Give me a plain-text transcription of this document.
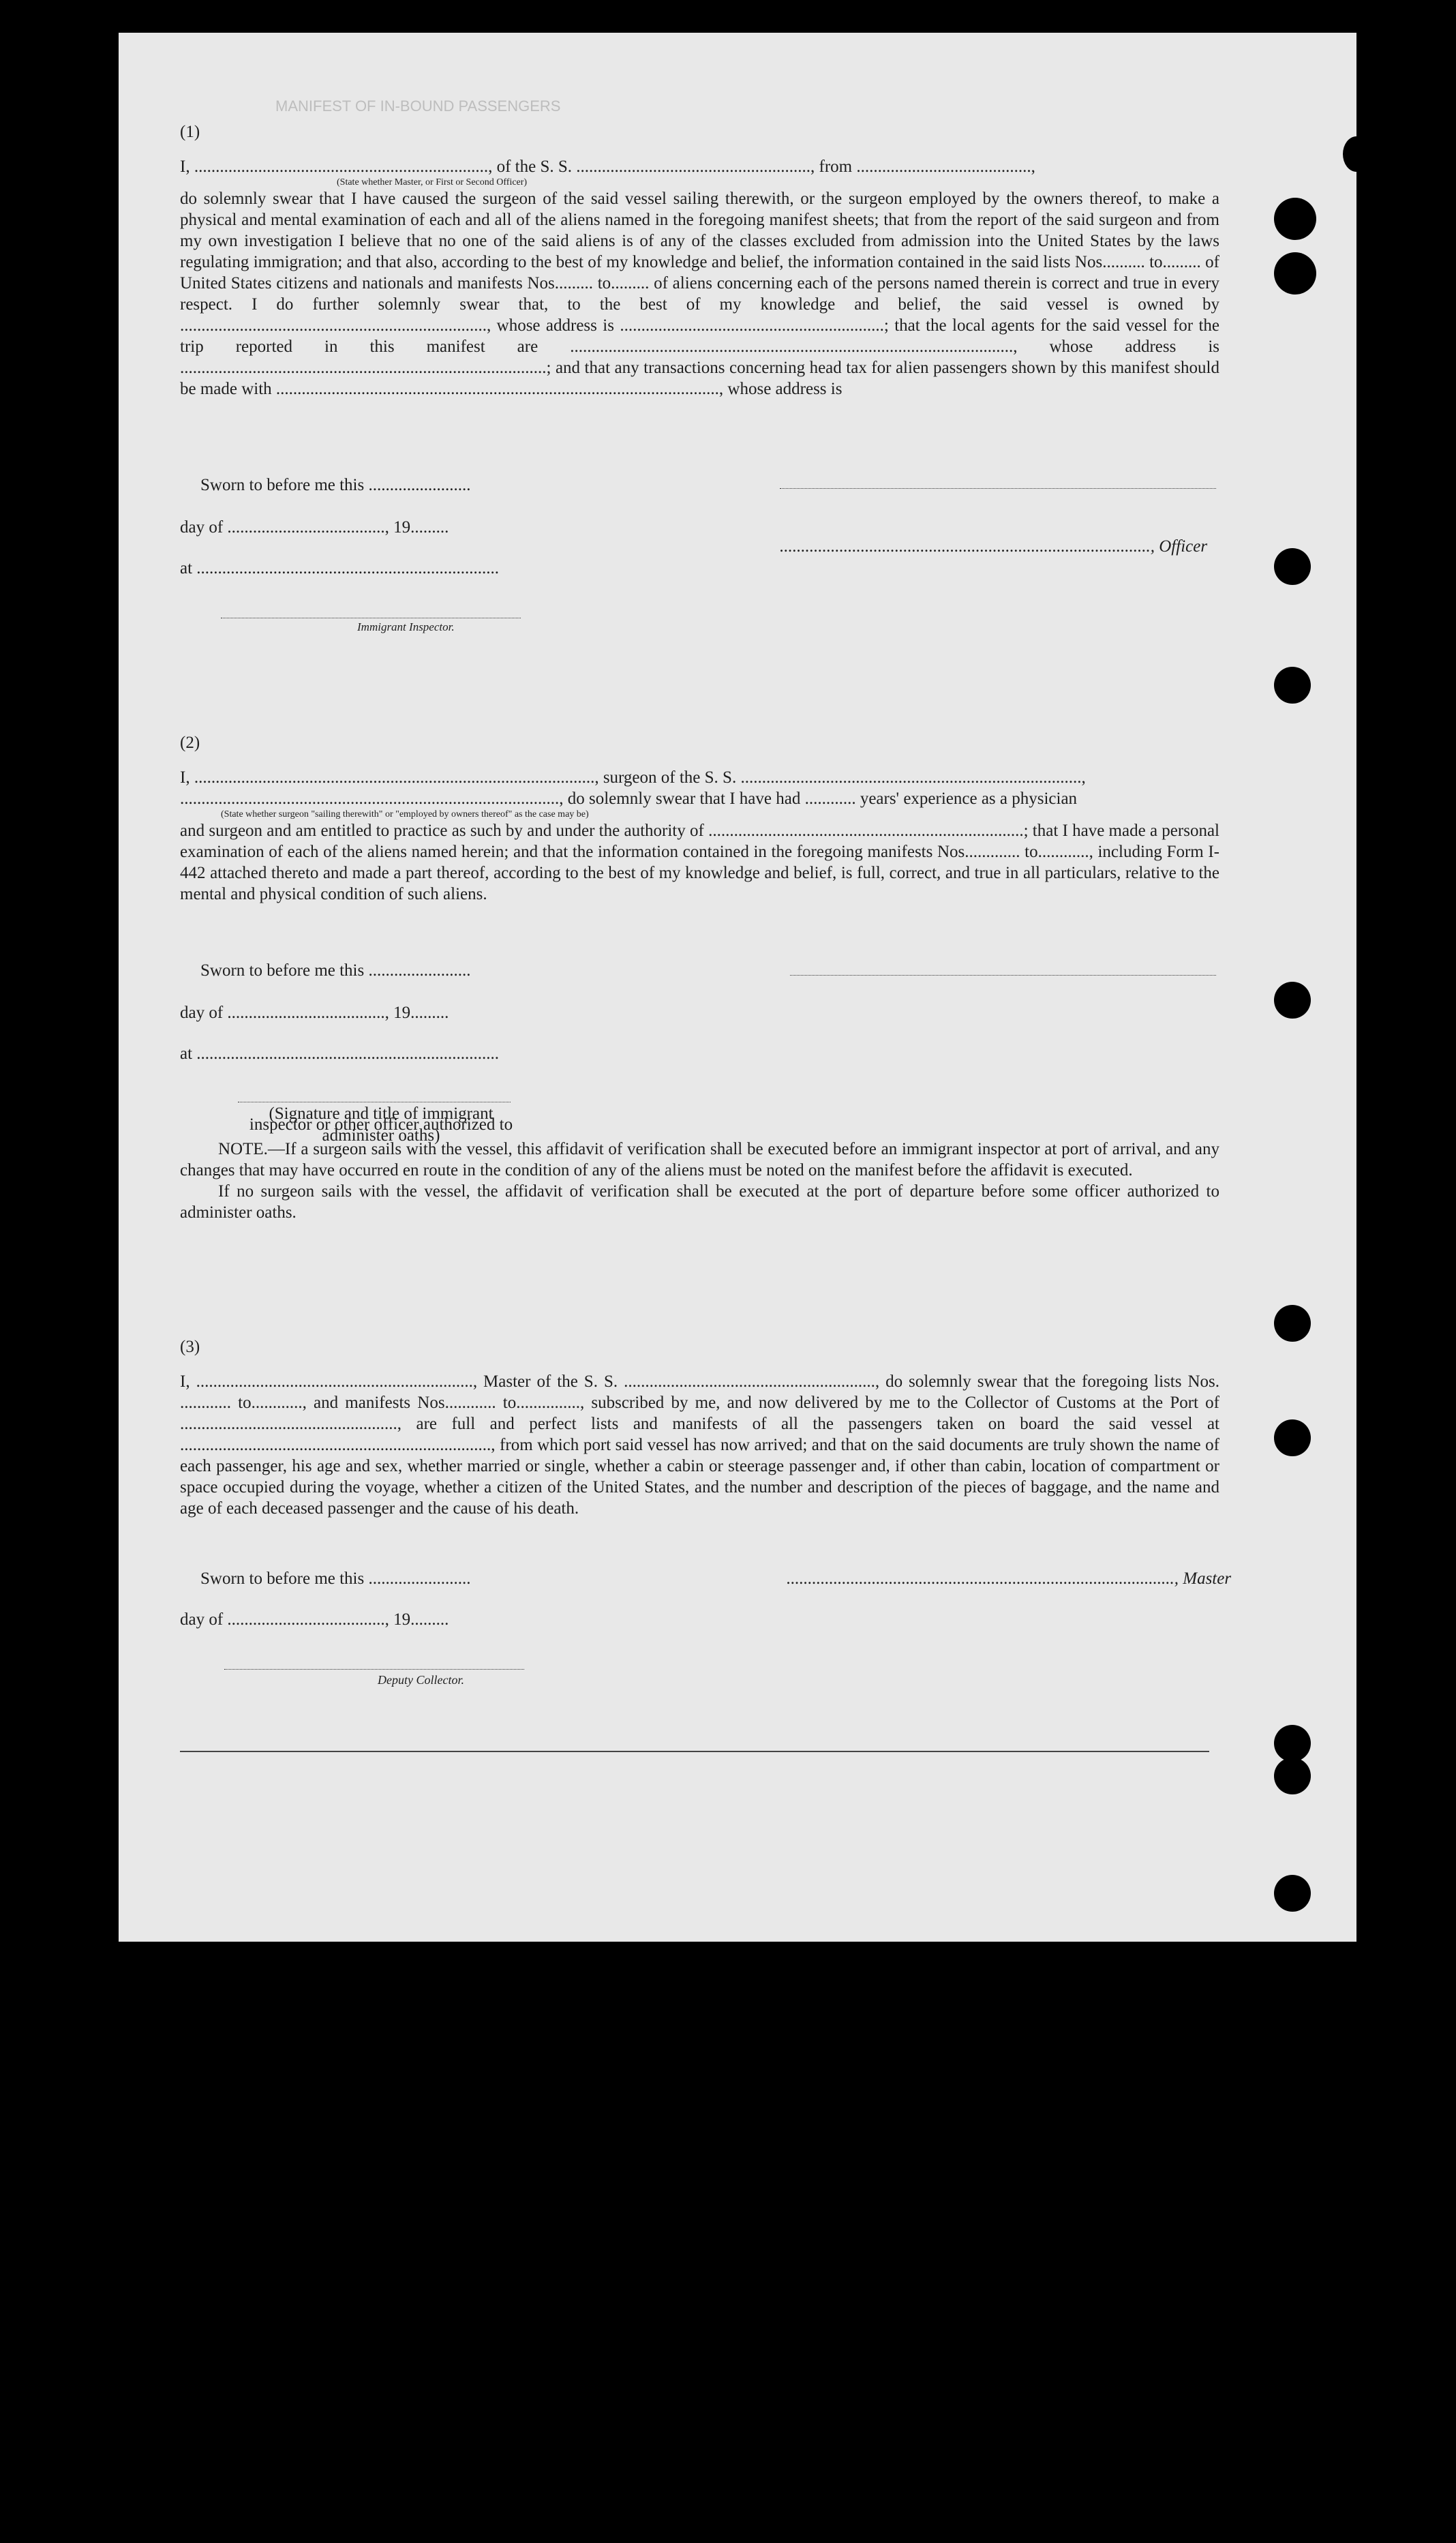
MANIFEST OF IN-BOUND PASSENGERS

(1)

I, ....................................................................., of the S. S. ......................................................., from .........................................,

(State whether Master, or First or Second Officer)

do solemnly swear that I have caused the surgeon of the said vessel sailing therewith, or the surgeon employed by the owners thereof, to make a physical and mental examination of each and all of the aliens named in the foregoing manifest sheets; that from the report of the said surgeon and from my own investigation I believe that no one of the said aliens is of any of the classes excluded from admission into the United States by the laws regulating immigration; and that also, according to the best of my knowledge and belief, the information contained in the said lists Nos.......... to......... of United States citizens and nationals and manifests Nos......... to......... of aliens concerning each of the persons named therein is correct and true in every respect. I do further solemnly swear that, to the best of my knowledge and belief, the said vessel is owned by ........................................................................, whose address is ..............................................................; that the local agents for the said vessel for the trip reported in this manifest are ........................................................................................................, whose address is ......................................................................................; and that any transactions concerning head tax for alien passengers shown by this manifest should be made with ........................................................................................................, whose address is

Sworn to before me this ........................
day of ....................................., 19.........
at .......................................................................
......................................................................................., Officer
Immigrant Inspector.

(2)

I, .............................................................................................., surgeon of the S. S. ................................................................................,

........................................................................................., do solemnly swear that I have had ............ years' experience as a physician

(State whether surgeon "sailing therewith" or "employed by owners thereof" as the case may be)

and surgeon and am entitled to practice as such by and under the authority of ..........................................................................; that I have made a personal examination of each of the aliens named herein; and that the information contained in the foregoing manifests Nos............. to............, including Form I-442 attached thereto and made a part thereof, according to the best of my knowledge and belief, is full, correct, and true in all particulars, relative to the mental and physical condition of such aliens.

Sworn to before me this ........................
day of ....................................., 19.........
at .......................................................................
(Signature and title of immigrant inspector or other officer authorized to administer oaths)

NOTE.—If a surgeon sails with the vessel, this affidavit of verification shall be executed before an immigrant inspector at port of arrival, and any changes that may have occurred en route in the condition of any of the aliens must be noted on the manifest before the affidavit is executed.

If no surgeon sails with the vessel, the affidavit of verification shall be executed at the port of departure before some officer authorized to administer oaths.

(3)

I, ................................................................., Master of the S. S. ..........................................................., do solemnly swear that the foregoing lists Nos. ............ to............, and manifests Nos............ to..............., subscribed by me, and now delivered by me to the Collector of Customs at the Port of ..................................................., are full and perfect lists and manifests of all the passengers taken on board the said vessel at ........................................................................., from which port said vessel has now arrived; and that on the said documents are truly shown the name of each passenger, his age and sex, whether married or single, whether a cabin or steerage passenger and, if other than cabin, location of compartment or space occupied during the voyage, whether a citizen of the United States, and the number and description of the pieces of baggage, and the name and age of each deceased passenger and the cause of his death.

Sworn to before me this ........................	..........................................................................................., Master
day of ....................................., 19.........
Deputy Collector.
